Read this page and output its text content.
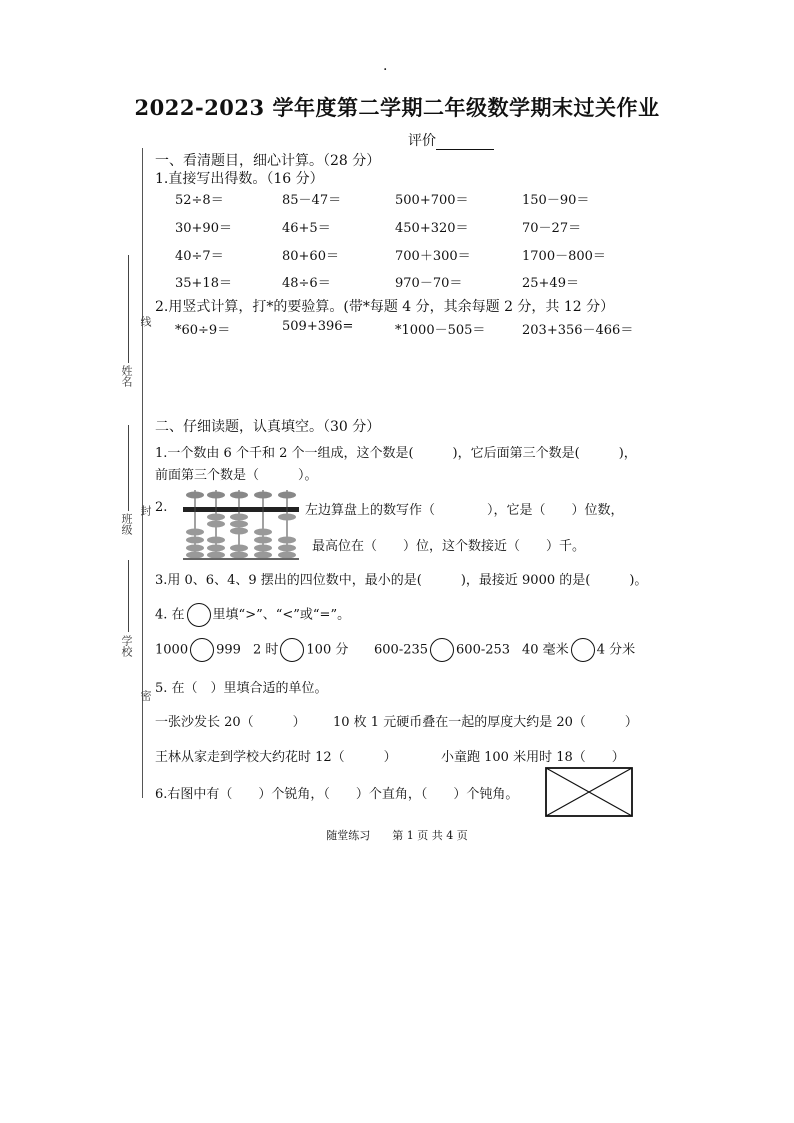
·
2022-2023 学年度第二学期二年级数学期末过关作业
评价
线
封
密
姓名
班级
学校
一、看清题目，细心计算。（28 分）
1.直接写出得数。（16 分）
52÷8＝	85－47＝	500+700＝	150－90＝
30+90＝	46+5＝	450+320＝	70－27＝
40÷7＝	80+60＝	700＋300＝	1700－800＝
35+18＝	48÷6＝	970－70＝	25+49＝
2.用竖式计算，打*的要验算。(带*每题 4 分，其余每题 2 分，共 12 分）
*60÷9＝	509+396=	*1000－505＝	203+356－466＝
二、仔细读题，认真填空。（30 分）
1.一个数由 6 个千和 2 个一组成，这个数是(　　　)，它后面第三个数是(　　　)，
前面第三个数是（　　　）。
2.	左边算盘上的数写作（　　　　），它是（　　）位数，
最高位在（　　）位，这个数接近（　　）千。
3.用 0、6、4、9 摆出的四位数中，最小的是(　　　)，最接近 9000 的是(　　　)。
4. 在 里填“>”、“<”或“=”。
1000 999 2 时 100 分 600-235 600-253 40 毫米 4 分米
5. 在（　）里填合适的单位。
一张沙发长 20（　　　） 10 枚 1 元硬币叠在一起的厚度大约是 20（　　　）
王林从家走到学校大约花时 12（　　　）	小童跑 100 米用时 18（　　）
6.右图中有（　　）个锐角，（　　）个直角，（　　）个钝角。
随堂练习　　第 1 页 共 4 页
